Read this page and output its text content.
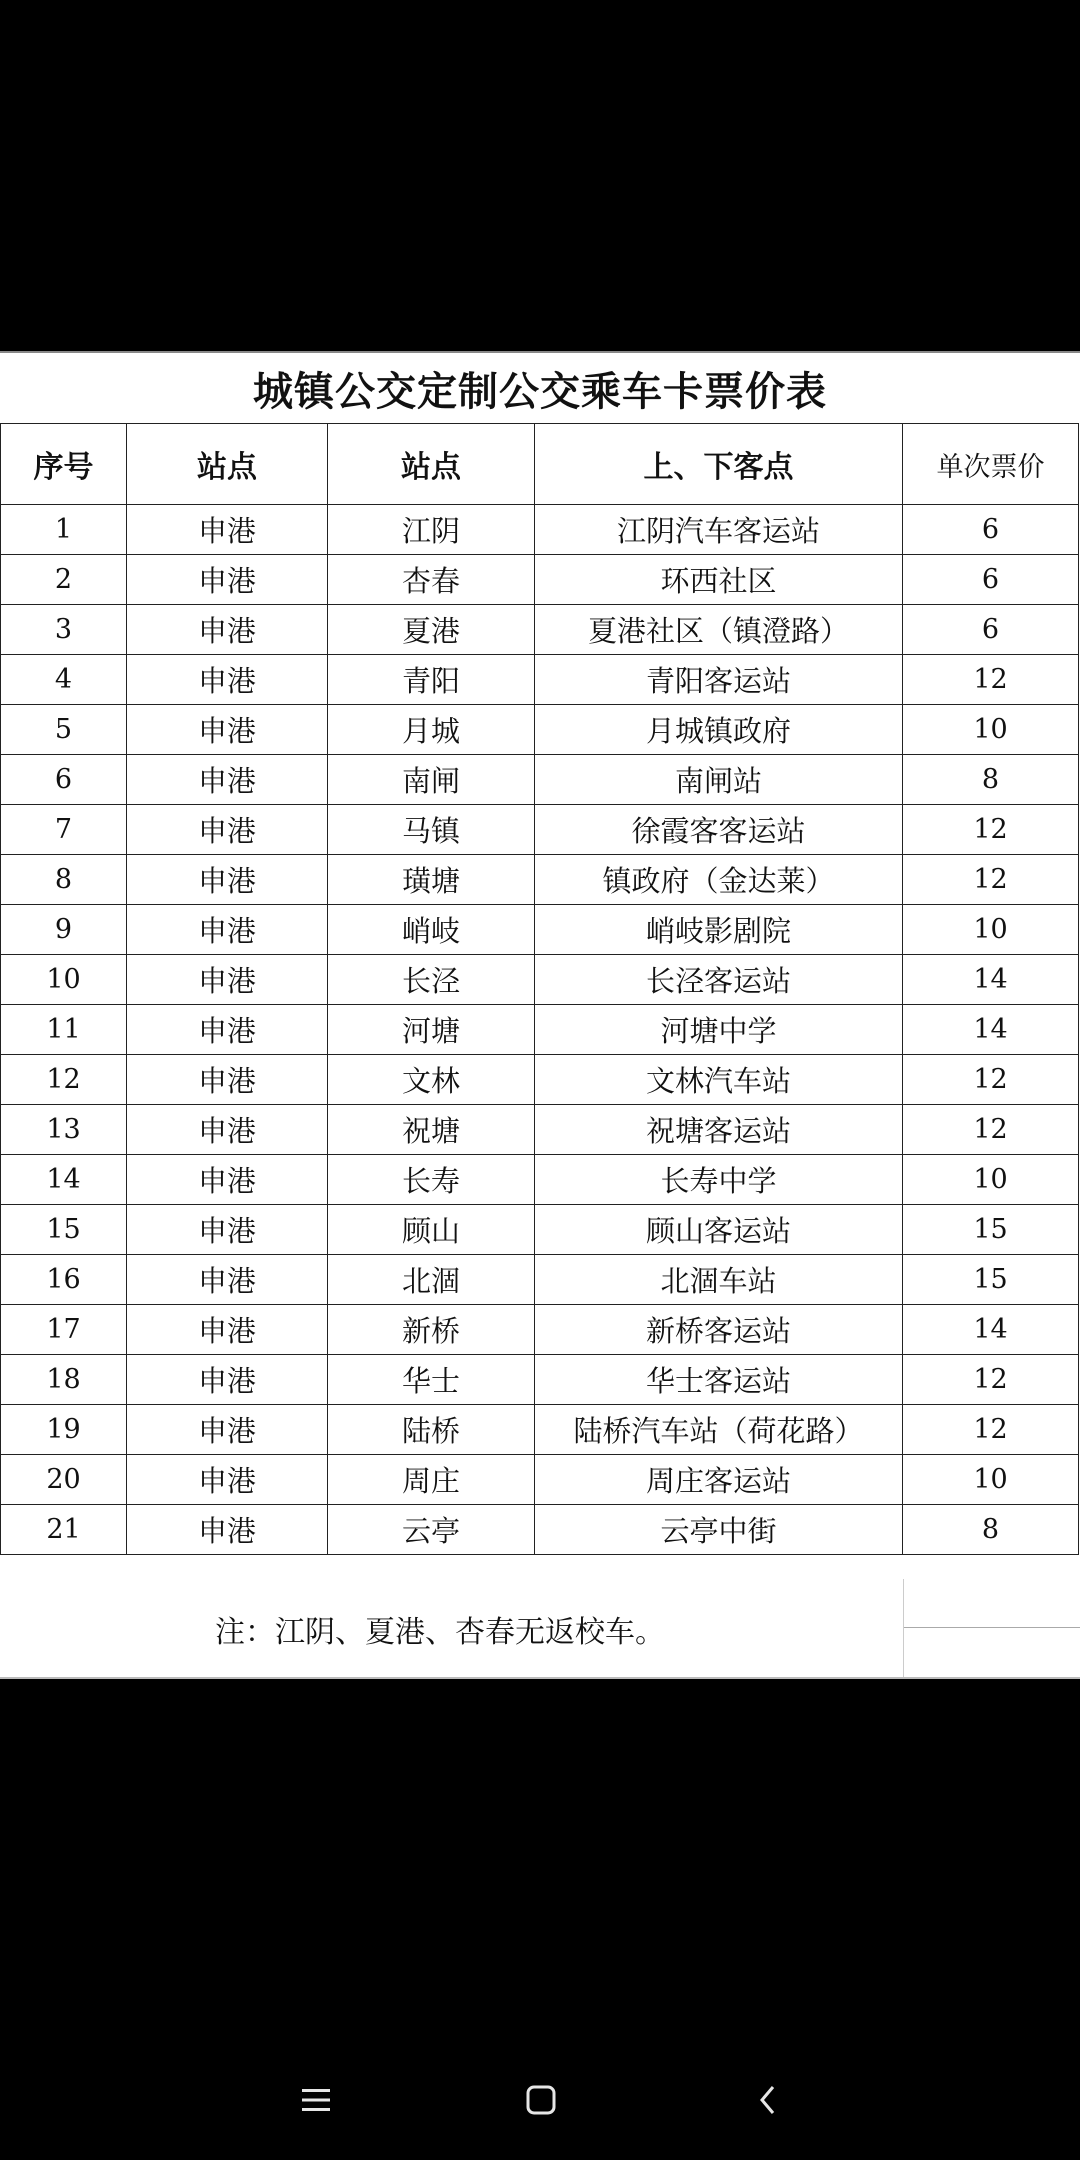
城镇公交定制公交乘车卡票价表
序号	站点	站点	上、下客点	单次票价
1	申港	江阴	江阴汽车客运站	6
2	申港	杏春	环西社区	6
3	申港	夏港	夏港社区（镇澄路）	6
4	申港	青阳	青阳客运站	12
5	申港	月城	月城镇政府	10
6	申港	南闸	南闸站	8
7	申港	马镇	徐霞客客运站	12
8	申港	璜塘	镇政府（金达莱）	12
9	申港	峭岐	峭岐影剧院	10
10	申港	长泾	长泾客运站	14
11	申港	河塘	河塘中学	14
12	申港	文林	文林汽车站	12
13	申港	祝塘	祝塘客运站	12
14	申港	长寿	长寿中学	10
15	申港	顾山	顾山客运站	15
16	申港	北涸	北涸车站	15
17	申港	新桥	新桥客运站	14
18	申港	华士	华士客运站	12
19	申港	陆桥	陆桥汽车站（荷花路）	12
20	申港	周庄	周庄客运站	10
21	申港	云亭	云亭中街	8
注：江阴、夏港、杏春无返校车。
